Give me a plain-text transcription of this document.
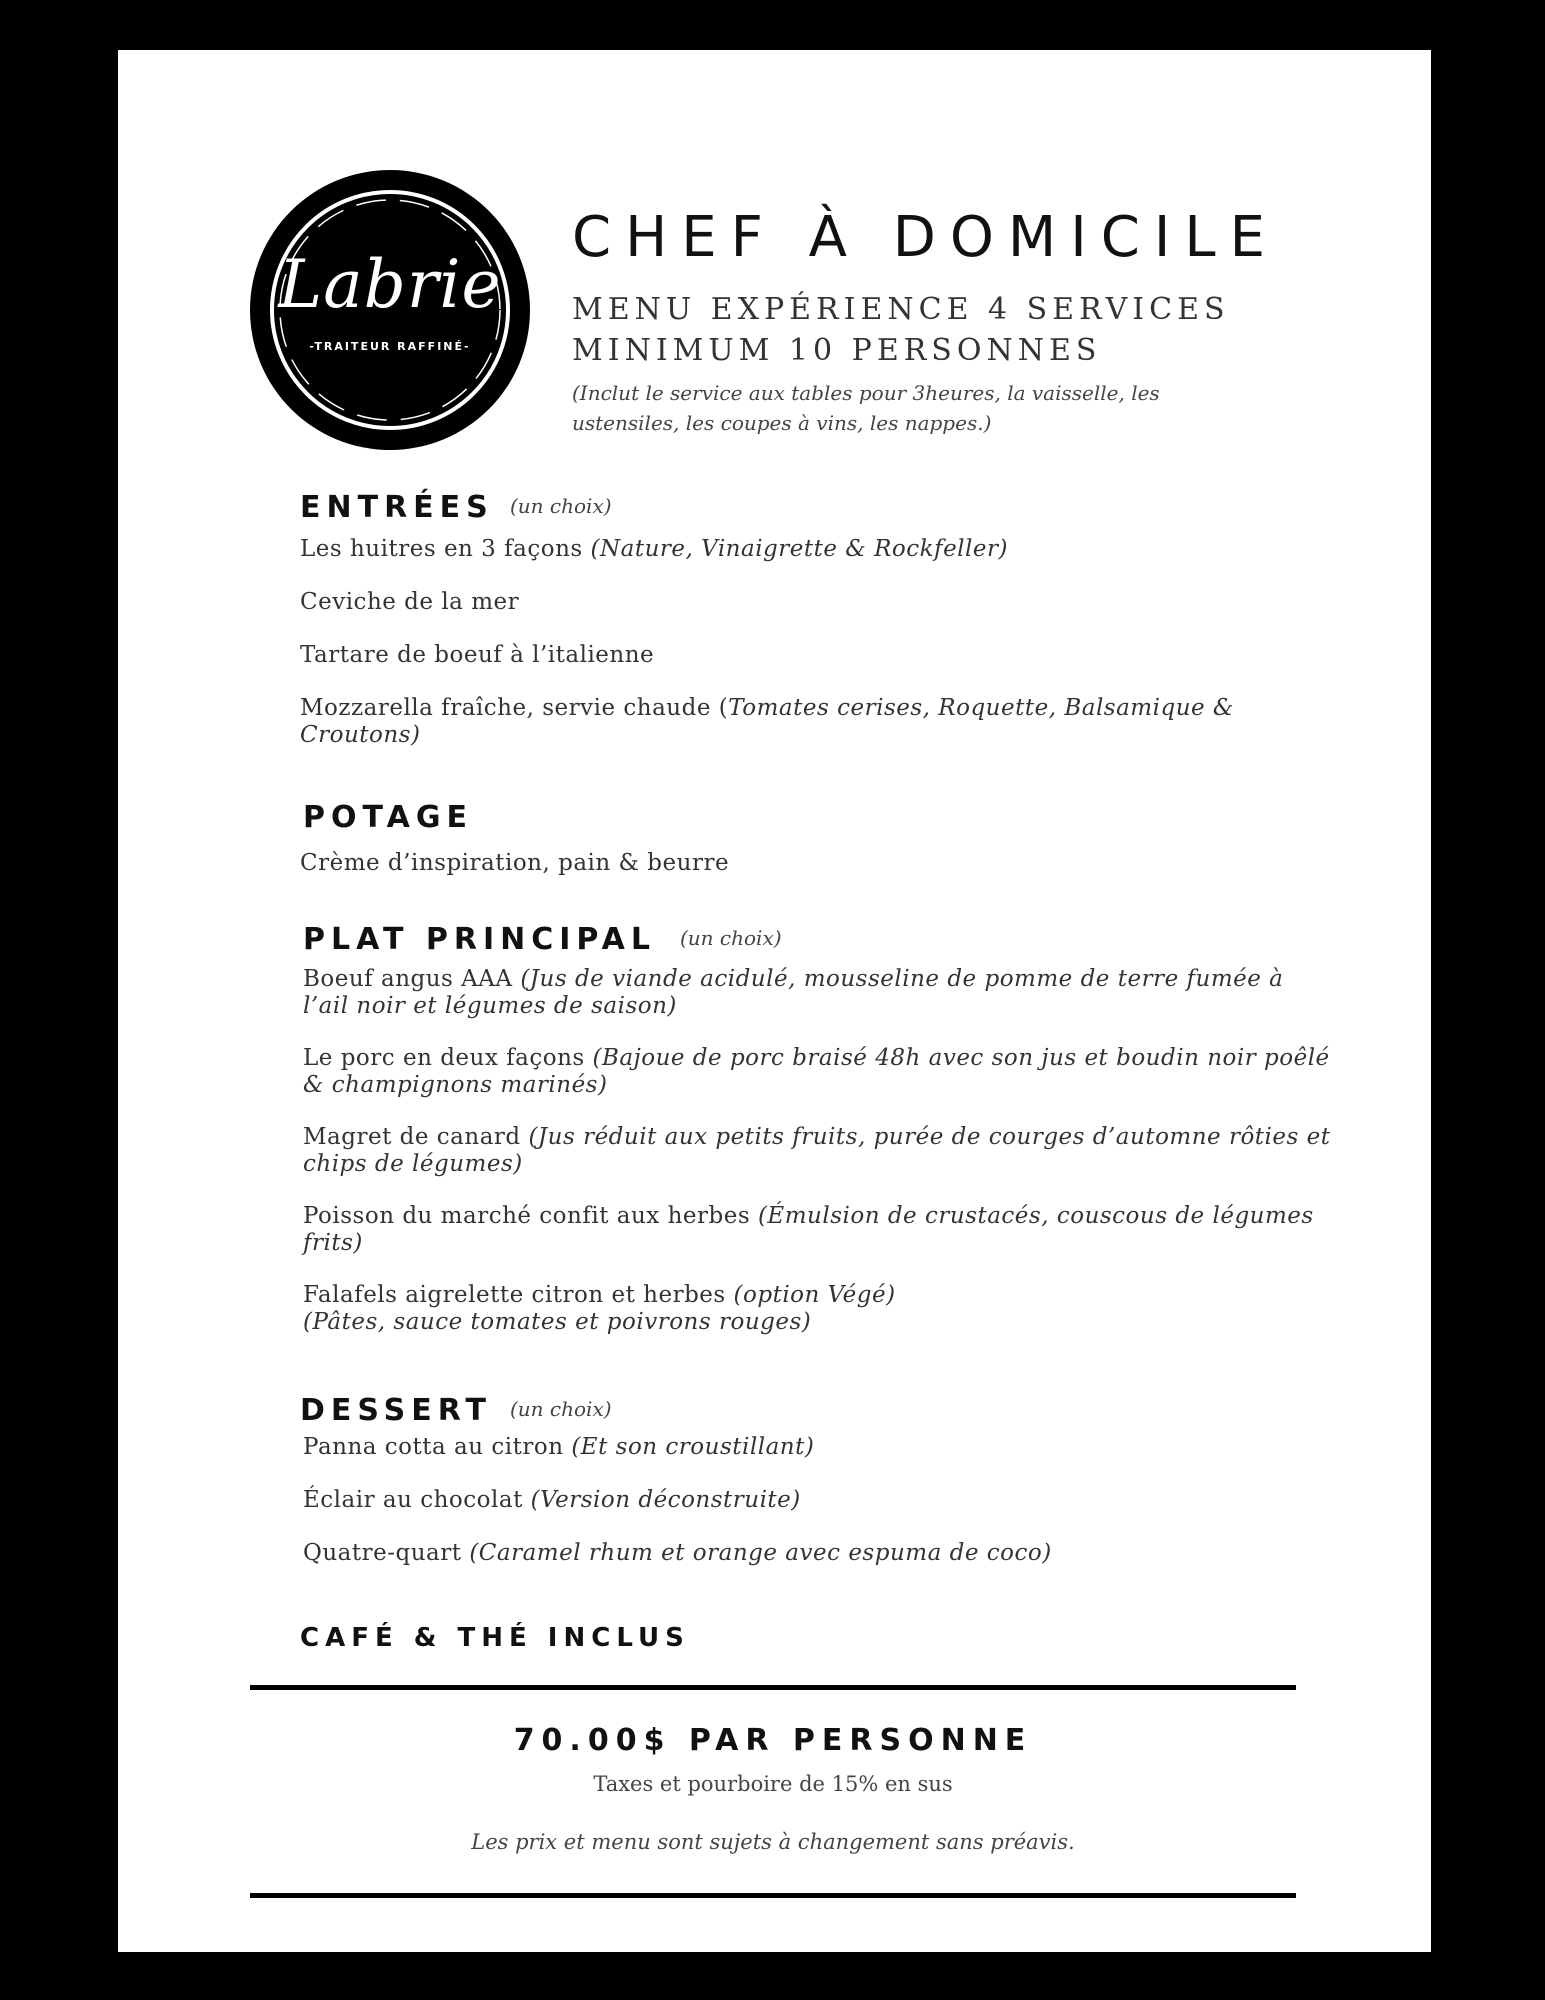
Labrie
-TRAITEUR RAFFINÉ-
CHEF À DOMICILE
MENU EXPÉRIENCE 4 SERVICES
MINIMUM 10 PERSONNES
(Inclut le service aux tables pour 3heures, la vaisselle, les ustensiles, les coupes à vins, les nappes.)
ENTRÉES (un choix)
Les huitres en 3 façons (Nature, Vinaigrette & Rockfeller)
Ceviche de la mer
Tartare de boeuf à l’italienne
Mozzarella fraîche, servie chaude (Tomates cerises, Roquette, Balsamique & Croutons)
POTAGE
Crème d’inspiration, pain & beurre
PLAT PRINCIPAL (un choix)
Boeuf angus AAA (Jus de viande acidulé, mousseline de pomme de terre fumée à l’ail noir et légumes de saison)
Le porc en deux façons (Bajoue de porc braisé 48h avec son jus et boudin noir poêlé & champignons marinés)
Magret de canard (Jus réduit aux petits fruits, purée de courges d’automne rôties et chips de légumes)
Poisson du marché confit aux herbes (Émulsion de crustacés, couscous de légumes frits)
Falafels aigrelette citron et herbes (option Végé)
(Pâtes, sauce tomates et poivrons rouges)
DESSERT (un choix)
Panna cotta au citron (Et son croustillant)
Éclair au chocolat (Version déconstruite)
Quatre-quart (Caramel rhum et orange avec espuma de coco)
CAFÉ & THÉ INCLUS
70.00$ PAR PERSONNE
Taxes et pourboire de 15% en sus
Les prix et menu sont sujets à changement sans préavis.
